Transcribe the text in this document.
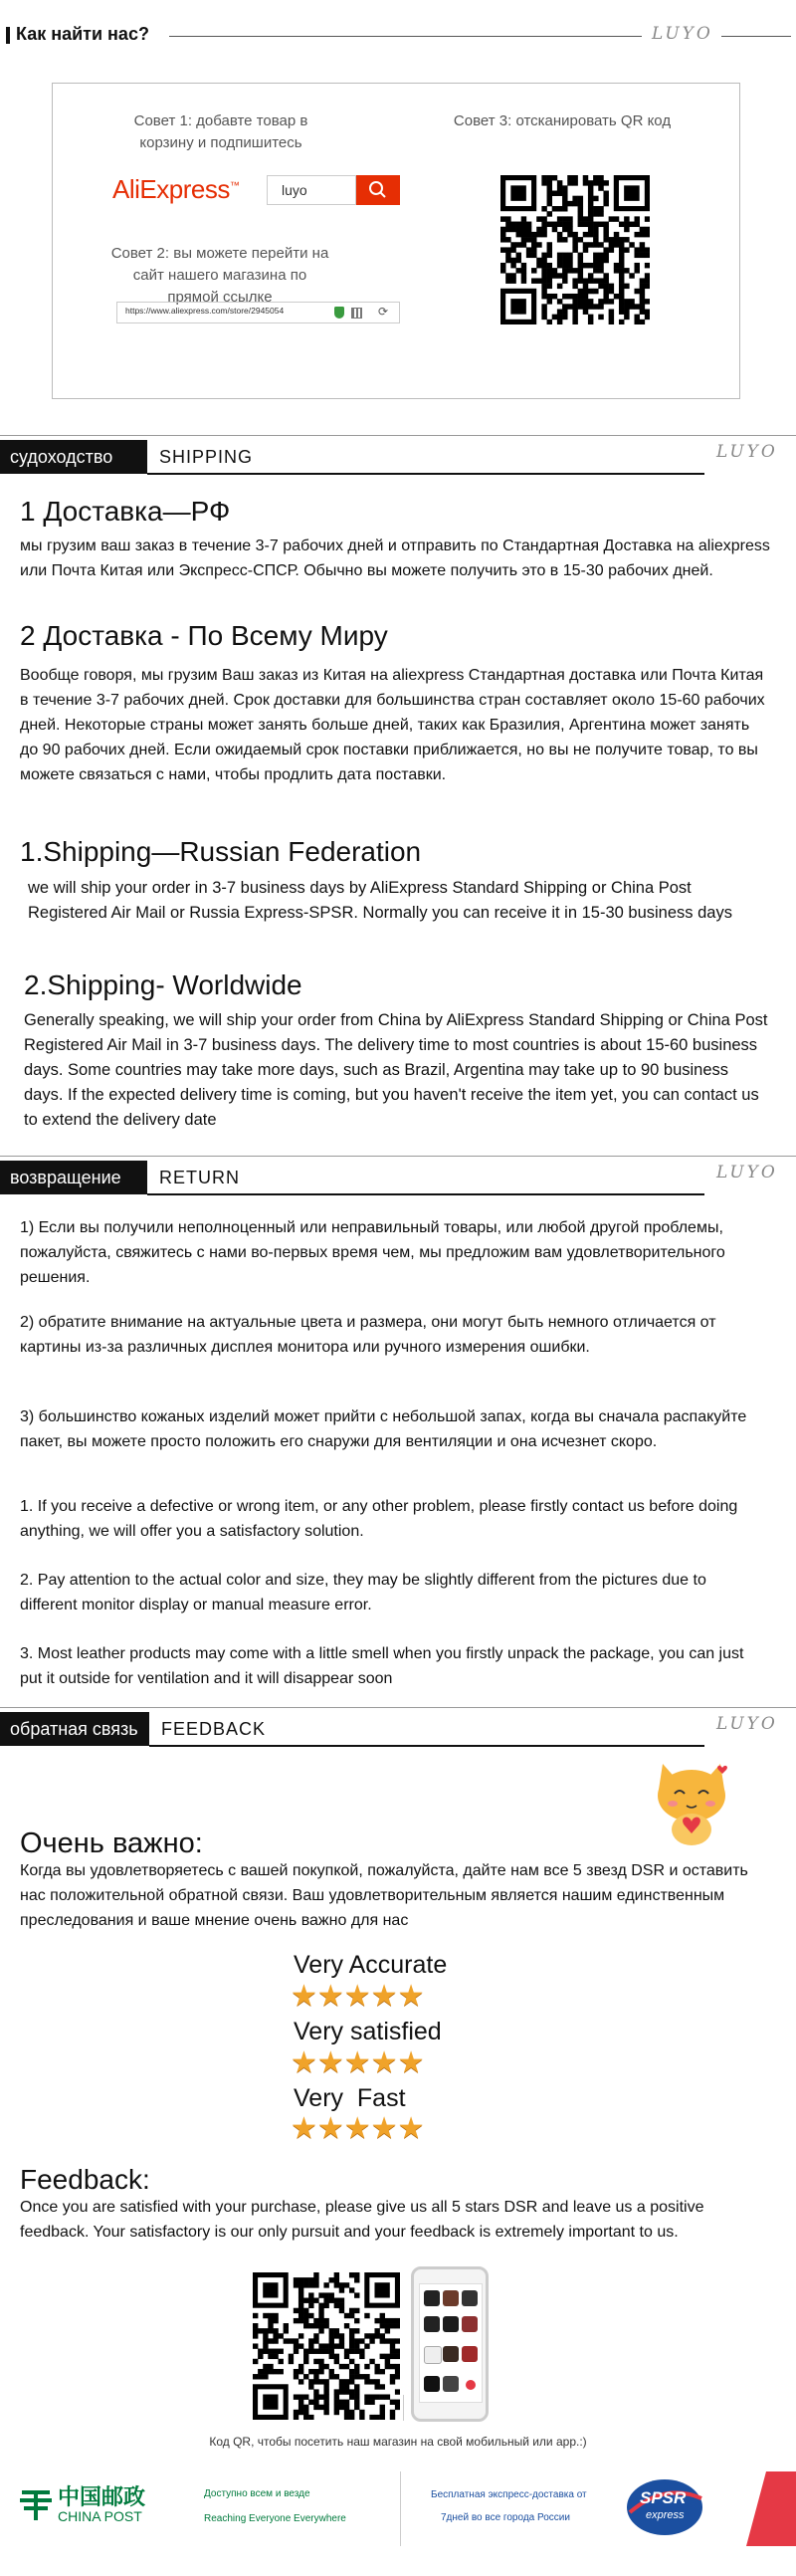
Как найти нас?	LUYO
Совет 1: добавте товар в корзину и подпишитесь
Совет 3: отсканировать QR код
AliExpress™	luyo
Совет 2: вы можете перейти на сайт нашего магазина по прямой ссылке
https://www.aliexpress.com/store/2945054	⟳
судоходство	SHIPPING	LUYO
1 Доставка—РФ
мы грузим ваш заказ в течение 3-7 рабочих дней и отправить по Стандартная Доставка на aliexpress или Почта Китая или Экспресс-СПСР. Обычно вы можете получить это в 15-30 рабочих дней.
2 Доставка - По Всему Миру
Вообще говоря, мы грузим Ваш заказ из Китая на aliexpress Стандартная доставка или Почта Китая в течение 3-7 рабочих дней. Срок доставки для большинства стран составляет около 15-60 рабочих дней. Некоторые страны может занять больше дней, таких как Бразилия, Аргентина может занять до 90 рабочих дней. Если ожидаемый срок поставки приближается, но вы не получите товар, то вы можете связаться с нами, чтобы продлить дата поставки.
1.Shipping—Russian Federation
we will ship your order in 3-7 business days by AliExpress Standard Shipping or China Post Registered Air Mail or Russia Express-SPSR. Normally you can receive it in 15-30 business days
2.Shipping- Worldwide
Generally speaking, we will ship your order from China by AliExpress Standard Shipping or China Post Registered Air Mail in 3-7 business days. The delivery time to most countries is about 15-60 business days. Some countries may take more days, such as Brazil, Argentina may take up to 90 business days. If the expected delivery time is coming, but you haven't receive the item yet, you can contact us to extend the delivery date
возвращение	RETURN	LUYO
1) Если вы получили неполноценный или неправильный товары, или любой другой проблемы, пожалуйста, свяжитесь с нами во-первых время чем, мы предложим вам удовлетворительного решения.
2) обратите внимание на актуальные цвета и размера, они могут быть немного отличается от картины из-за различных дисплея монитора или ручного измерения ошибки.
3) большинство кожаных изделий может прийти с небольшой запах, когда вы сначала распакуйте пакет, вы можете просто положить его снаружи для вентиляции и она исчезнет скоро.
1. If you receive a defective or wrong item, or any other problem, please firstly contact us before doing anything, we will offer you a satisfactory solution.
2. Pay attention to the actual color and size, they may be slightly different from the pictures due to different monitor display or manual measure error.
3. Most leather products may come with a little smell when you firstly unpack the package, you can just put it outside for ventilation and it will disappear soon
обратная связь	FEEDBACK	LUYO
Очень важно:
Когда вы удовлетворяетесь с вашей покупкой, пожалуйста, дайте нам все 5 звезд DSR и оставить нас положительной обратной связи. Ваш удовлетворительным является нашим единственным преследования и ваше мнение очень важно для нас
Very Accurate
★★★★★
Very satisfied
★★★★★
Very  Fast
★★★★★
Feedback:
Once you are satisfied with your purchase, please give us all 5 stars DSR and leave us a positive feedback. Your satisfactory is our only pursuit and your feedback is extremely important to us.
Код QR, чтобы посетить наш магазин на свой мобильный или app.:)
中国邮政
CHINA POST
Доступно всем и везде
Reaching Everyone Everywhere
Бесплатная экспресс-доставка от
7дней во все города России
SPSR
express
